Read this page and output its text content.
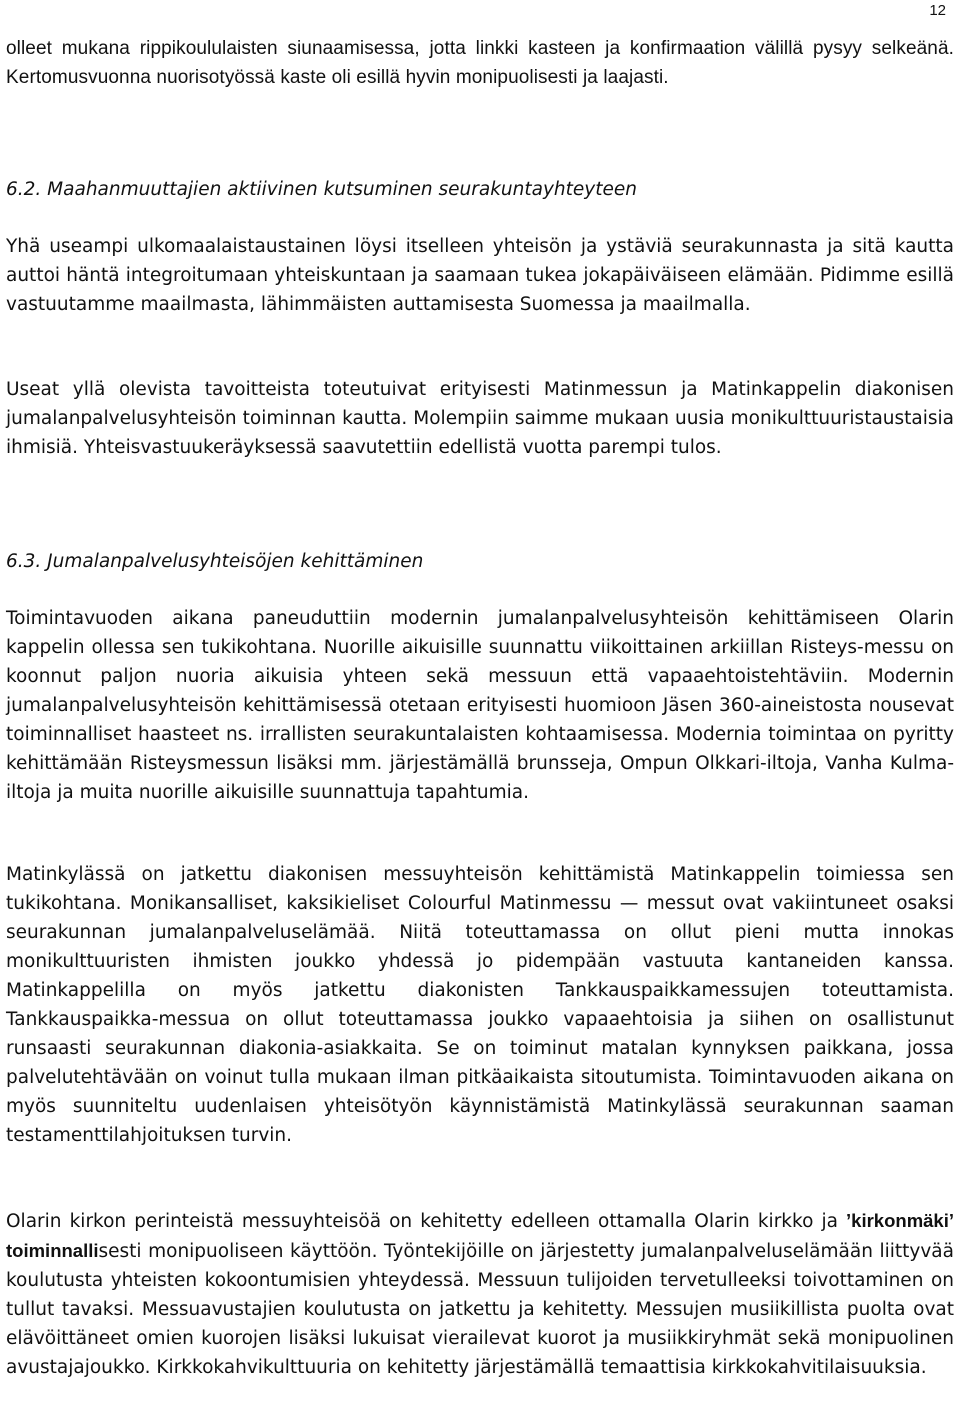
12

olleet mukana rippikoululaisten siunaamisessa, jotta linkki kasteen ja konfirmaation välillä pysyy selkeänä. Kertomusvuonna nuorisotyössä kaste oli esillä hyvin monipuolisesti ja laajasti.

6.2. Maahanmuuttajien aktiivinen kutsuminen seurakuntayhteyteen

Yhä useampi ulkomaalaistaustainen löysi itselleen yhteisön ja ystäviä seurakunnasta ja sitä kautta auttoi häntä integroitumaan yhteiskuntaan ja saamaan tukea jokapäiväiseen elämään. Pidimme esillä vastuutamme maailmasta, lähimmäisten auttamisesta Suomessa ja maailmalla.

Useat yllä olevista tavoitteista toteutuivat erityisesti Matinmessun ja Matinkappelin diakonisen jumalanpalvelusyhteisön toiminnan kautta. Molempiin saimme mukaan uusia monikulttuuristaustaisia ihmisiä. Yhteisvastuukeräyksessä saavutettiin edellistä vuotta parempi tulos.

6.3. Jumalanpalvelusyhteisöjen kehittäminen

Toimintavuoden aikana paneuduttiin modernin jumalanpalvelusyhteisön kehittämiseen Olarin kappelin ollessa sen tukikohtana. Nuorille aikuisille suunnattu viikoittainen arkiillan Risteys-messu on koonnut paljon nuoria aikuisia yhteen sekä messuun että vapaaehtoistehtäviin. Modernin jumalanpalvelusyhteisön kehittämisessä otetaan erityisesti huomioon Jäsen 360-aineistosta nousevat toiminnalliset haasteet ns. irrallisten seurakuntalaisten kohtaamisessa. Modernia toimintaa on pyritty kehittämään Risteysmessun lisäksi mm. järjestämällä brunsseja, Ompun Olkkari-iltoja, Vanha Kulma-iltoja ja muita nuorille aikuisille suunnattuja tapahtumia.

Matinkylässä on jatkettu diakonisen messuyhteisön kehittämistä Matinkappelin toimiessa sen tukikohtana. Monikansalliset, kaksikieliset Colourful Matinmessu — messut ovat vakiintuneet osaksi seurakunnan jumalanpalveluselämää. Niitä toteuttamassa on ollut pieni mutta innokas monikulttuuristen ihmisten joukko yhdessä jo pidempään vastuuta kantaneiden kanssa. Matinkappelilla on myös jatkettu diakonisten Tankkauspaikkamessujen toteuttamista. Tankkauspaikka-messua on ollut toteuttamassa joukko vapaaehtoisia ja siihen on osallistunut runsaasti seurakunnan diakonia-asiakkaita. Se on toiminut matalan kynnyksen paikkana, jossa palvelutehtävään on voinut tulla mukaan ilman pitkäaikaista sitoutumista. Toimintavuoden aikana on myös suunniteltu uudenlaisen yhteisötyön käynnistämistä Matinkylässä seurakunnan saaman testamenttilahjoituksen turvin.

Olarin kirkon perinteistä messuyhteisöä on kehitetty edelleen ottamalla Olarin kirkko ja ’kirkonmäki’ toiminnallisesti monipuoliseen käyttöön. Työntekijöille on järjestetty jumalanpalveluselämään liittyvää koulutusta yhteisten kokoontumisien yhteydessä. Messuun tulijoiden tervetulleeksi toivottaminen on tullut tavaksi. Messuavustajien koulutusta on jatkettu ja kehitetty. Messujen musiikillista puolta ovat elävöittäneet omien kuorojen lisäksi lukuisat vierailevat kuorot ja musiikkiryhmät sekä monipuolinen avustajajoukko. Kirkkokahvikulttuuria on kehitetty järjestämällä temaattisia kirkkokahvitilaisuuksia.
